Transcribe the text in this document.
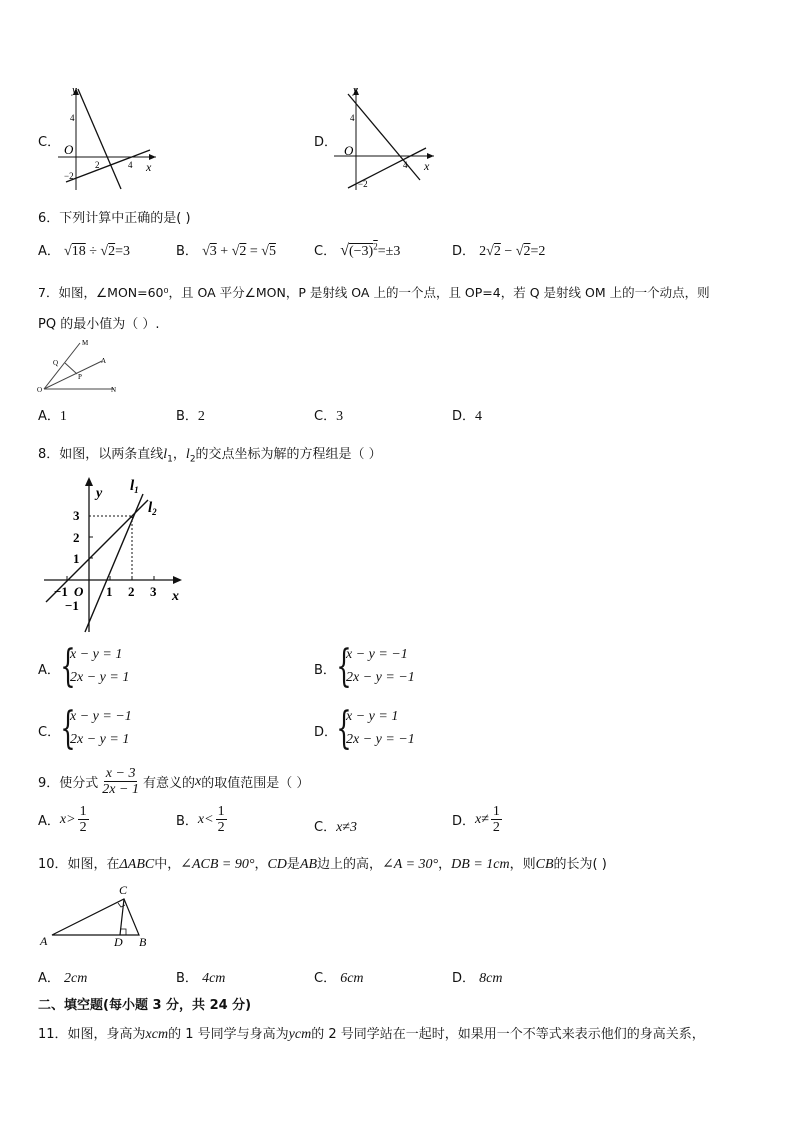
C．
y
x
O
4
−2
2	4
D．
y
x
O
4
−2
4
6．下列计算中正确的是( )
A． √18 ÷ √2=3	B． √3 + √2 = √5	C． $√(-3)^2=\pm 3$	D． 2√2 − √2=2
7．如图，∠MON=60⁰，且 OA 平分∠MON，P 是射线 OA 上的一个点，且 OP=4，若 Q 是射线 OM 上的一个动点，则
PQ 的最小值为（ ）.
M
A
Q
P
O	N
A．1	B．2	C．3	D．4
8．如图，以两条直线$l_1$，$l_2$的交点坐标为解的方程组是（ ）
y
x
$l_1$
$l_2$
3
2
1
−1 O 1 2 3
−1
A． {
x − y = 1
2x − y = 1	B． {
x − y = −1
2x − y = −1
C． {
x − y = −1
2x − y = 1	D． {
x − y = 1
2x − y = −1
9．使分式 $\frac{x - 3}{2x - 1}$ 有意义的 x 的取值范围是（ ）
A． $x> \frac{1}{2}$	B． $x< \frac{1}{2}$	C．x≠3	D． $x\ne \frac{1}{2}$
10．如图，在ΔABC中，∠ACB = 90°，CD是AB边上的高，∠A = 30°，DB = 1cm，则CB的长为( )
C
A	D B
A． 2cm	B． 4cm	C． 6cm	D． 8cm
二、填空题(每小题 3 分，共 24 分)
11．如图，身高为xcm的 1 号同学与身高为ycm的 2 号同学站在一起时，如果用一个不等式来表示他们的身高关系，
